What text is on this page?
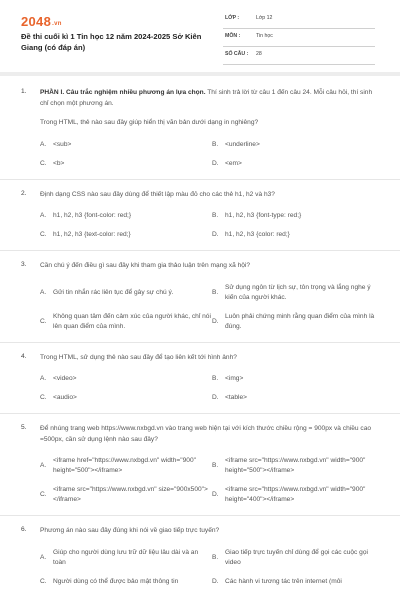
2048.vn
Đề thi cuối kì 1 Tin học 12 năm 2024-2025 Sở Kiên Giang (có đáp án)
LỚP :	Lớp 12
MÔN :	Tin học
SỐ CÂU : 28
1. PHẦN I. Câu trắc nghiệm nhiều phương án lựa chọn. Thí sinh trả lời từ câu 1 đến câu 24. Mỗi câu hỏi, thí sinh chỉ chọn một phương án.
Trong HTML, thẻ nào sau đây giúp hiển thị văn bản dưới dạng in nghiêng?
A.	<sub>	B.	<underline>
C. <b>	D. <em>
2. Định dạng CSS nào sau đây dùng để thiết lập màu đỏ cho các thẻ h1, h2 và h3?
A.	h1, h2, h3 {font-color: red;}	B.	h1, h2, h3 {font-type: red;}
C. h1, h2, h3 {text-color: red;}	D. h1, h2, h3 {color: red;}
3. Cần chú ý đến điều gì sau đây khi tham gia thảo luận trên mạng xã hội?
A.	Gửi tin nhắn rác liên tục để gây sự chú ý.	B.
Sử dụng ngôn từ lịch sự, tôn trọng và lắng nghe ý kiến của người khác.
C.
Không quan tâm đến cảm xúc của người khác, chỉ nói lên quan điểm của mình.
D.
Luôn phải chứng minh rằng quan điểm của mình là đúng.
4. Trong HTML, sử dụng thẻ nào sau đây để tạo liên kết tới hình ảnh?
A.	<video>	B.	<img>
C. <audio>	D. <table>
5. Để nhúng trang web https://www.nxbgd.vn vào trang web hiện tại với kích thước chiều rộng = 900px và chiều cao =500px, cần sử dụng lệnh nào sau đây?
A.
<iframe href="https://www.nxbgd.vn" width="900" height="500"></iframe>
B.
<iframe src="https://www.nxbgd.vn" width="900" height="500"></iframe>
C.
<iframe src="https://www.nxbgd.vn" size="900x500"></iframe>
D.
<iframe src="https://www.nxbgd.vn" width="900" height="400"></iframe>
6. Phương án nào sau đây đúng khi nói về giao tiếp trực tuyến?
A.
Giúp cho người dùng lưu trữ dữ liệu lâu dài và an toàn
B.
Giao tiếp trực tuyến chỉ dùng để gọi các cuộc gọi video
C. Người dùng có thể được bảo mật thông tin	D. Các hành vi tương tác trên internet (môi
